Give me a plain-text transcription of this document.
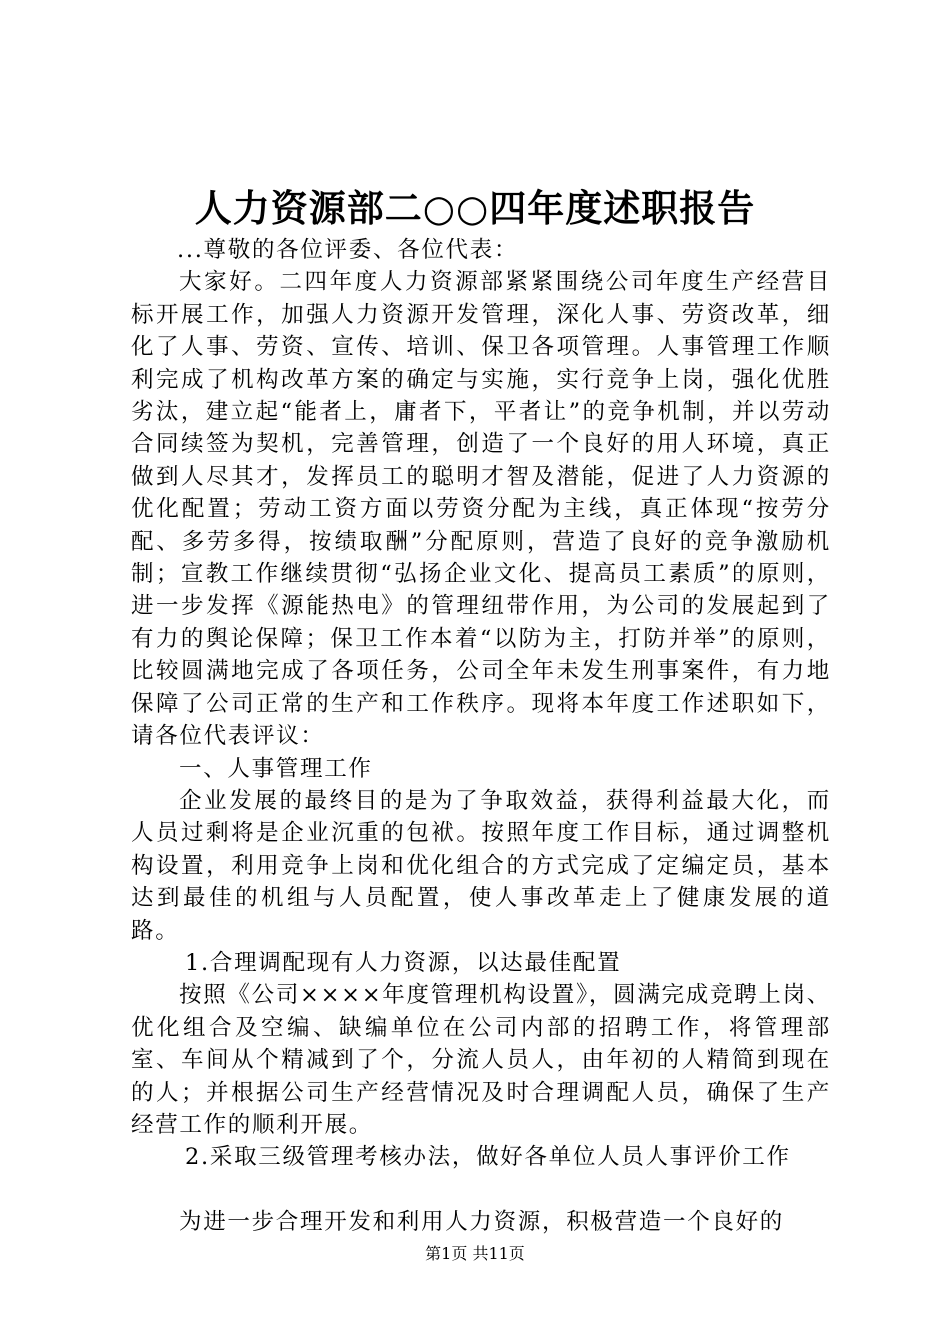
人力资源部二○○四年度述职报告

...尊敬的各位评委、各位代表：

大家好。二四年度人力资源部紧紧围绕公司年度生产经营目标开展工作，加强人力资源开发管理，深化人事、劳资改革，细化了人事、劳资、宣传、培训、保卫各项管理。人事管理工作顺利完成了机构改革方案的确定与实施，实行竞争上岗，强化优胜劣汰，建立起“能者上，庸者下，平者让”的竞争机制，并以劳动合同续签为契机，完善管理，创造了一个良好的用人环境，真正做到人尽其才，发挥员工的聪明才智及潜能，促进了人力资源的优化配置；劳动工资方面以劳资分配为主线，真正体现“按劳分配、多劳多得，按绩取酬”分配原则，营造了良好的竞争激励机制；宣教工作继续贯彻“弘扬企业文化、提高员工素质”的原则，进一步发挥《源能热电》的管理纽带作用，为公司的发展起到了有力的舆论保障；保卫工作本着“以防为主，打防并举”的原则，比较圆满地完成了各项任务，公司全年未发生刑事案件，有力地保障了公司正常的生产和工作秩序。现将本年度工作述职如下，请各位代表评议：

一、人事管理工作

企业发展的最终目的是为了争取效益，获得利益最大化，而人员过剩将是企业沉重的包袱。按照年度工作目标，通过调整机构设置，利用竞争上岗和优化组合的方式完成了定编定员，基本达到最佳的机组与人员配置，使人事改革走上了健康发展的道路。

1.合理调配现有人力资源，以达最佳配置

按照《公司××××年度管理机构设置》，圆满完成竞聘上岗、优化组合及空编、缺编单位在公司内部的招聘工作，将管理部室、车间从个精减到了个，分流人员人，由年初的人精简到现在的人；并根据公司生产经营情况及时合理调配人员，确保了生产经营工作的顺利开展。

2.采取三级管理考核办法，做好各单位人员人事评价工作

为进一步合理开发和利用人力资源，积极营造一个良好的

第1页 共11页
